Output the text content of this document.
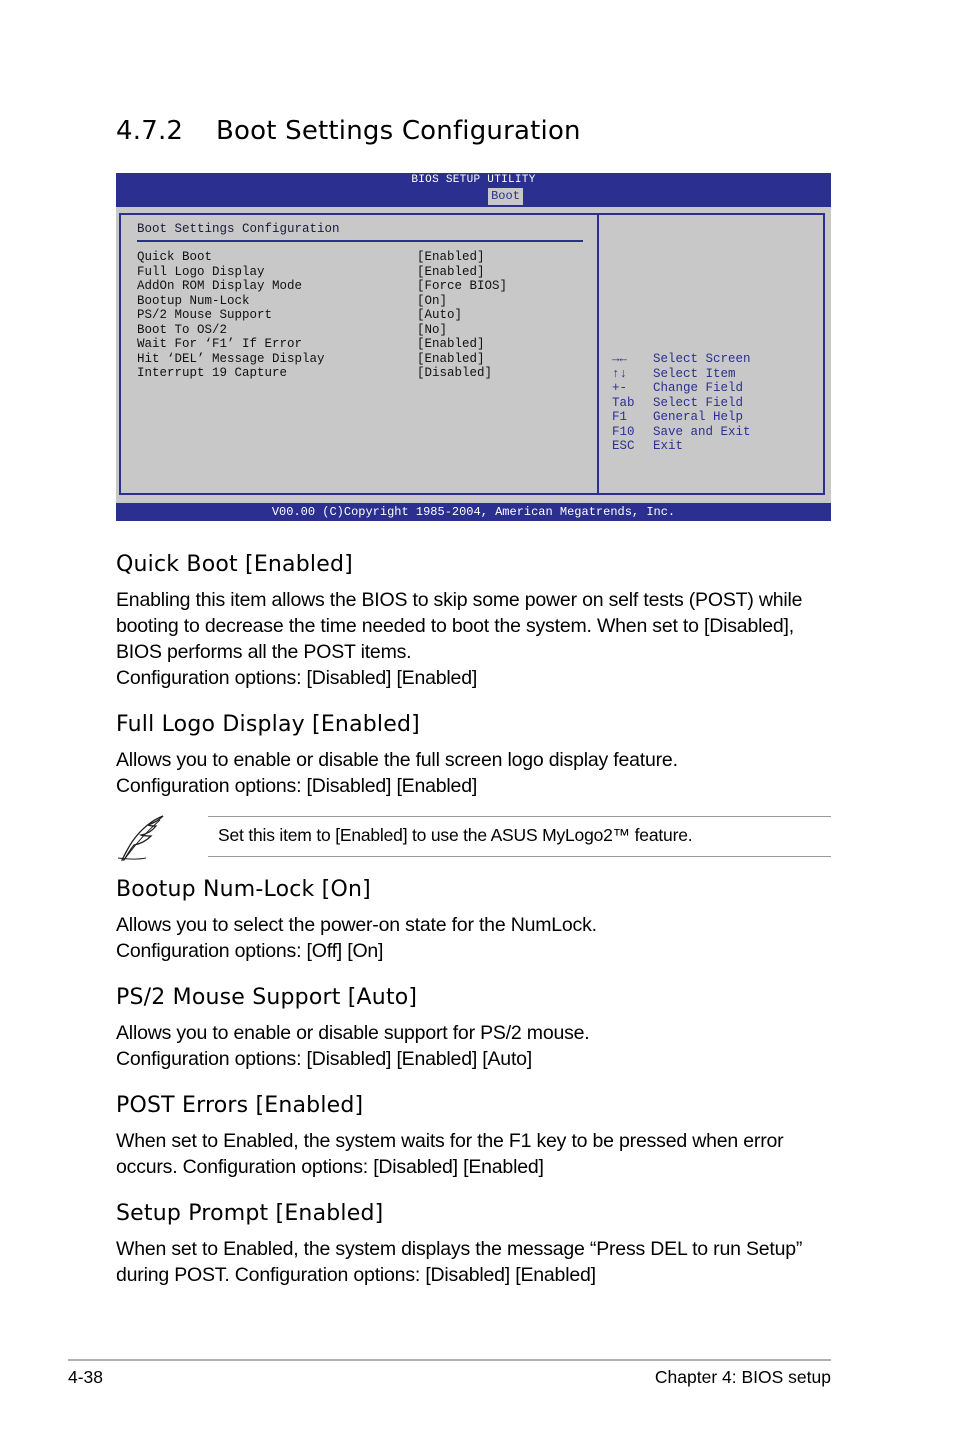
4.7.2 Boot Settings Configuration
BIOS SETUP UTILITY
Boot
Boot Settings Configuration
Quick Boot	[Enabled]
Full Logo Display	[Enabled]
AddOn ROM Display Mode	[Force BIOS]
Bootup Num-Lock	[On]
PS/2 Mouse Support	[Auto]
Boot To OS/2	[No]
Wait For ‘F1’ If Error	[Enabled]
Hit ‘DEL’ Message Display	[Enabled]
Interrupt 19 Capture	[Disabled]
→← Select Screen
↑↓ Select Item
+- Change Field
Tab Select Field
F1 General Help
F10 Save and Exit
ESC Exit
V00.00 (C)Copyright 1985-2004, American Megatrends, Inc.
Quick Boot [Enabled]

Enabling this item allows the BIOS to skip some power on self tests (POST) while booting to decrease the time needed to boot the system. When set to [Disabled], BIOS performs all the POST items.
Configuration options: [Disabled] [Enabled]

Full Logo Display [Enabled]

Allows you to enable or disable the full screen logo display feature.
Configuration options: [Disabled] [Enabled]

Set this item to [Enabled] to use the ASUS MyLogo2™ feature.
Bootup Num-Lock [On]

Allows you to select the power-on state for the NumLock.
Configuration options: [Off] [On]

PS/2 Mouse Support [Auto]

Allows you to enable or disable support for PS/2 mouse.
Configuration options: [Disabled] [Enabled] [Auto]

POST Errors [Enabled]

When set to Enabled, the system waits for the F1 key to be pressed when error occurs. Configuration options: [Disabled] [Enabled]

Setup Prompt [Enabled]

When set to Enabled, the system displays the message “Press DEL to run Setup” during POST. Configuration options: [Disabled] [Enabled]

4-38	Chapter 4: BIOS setup
